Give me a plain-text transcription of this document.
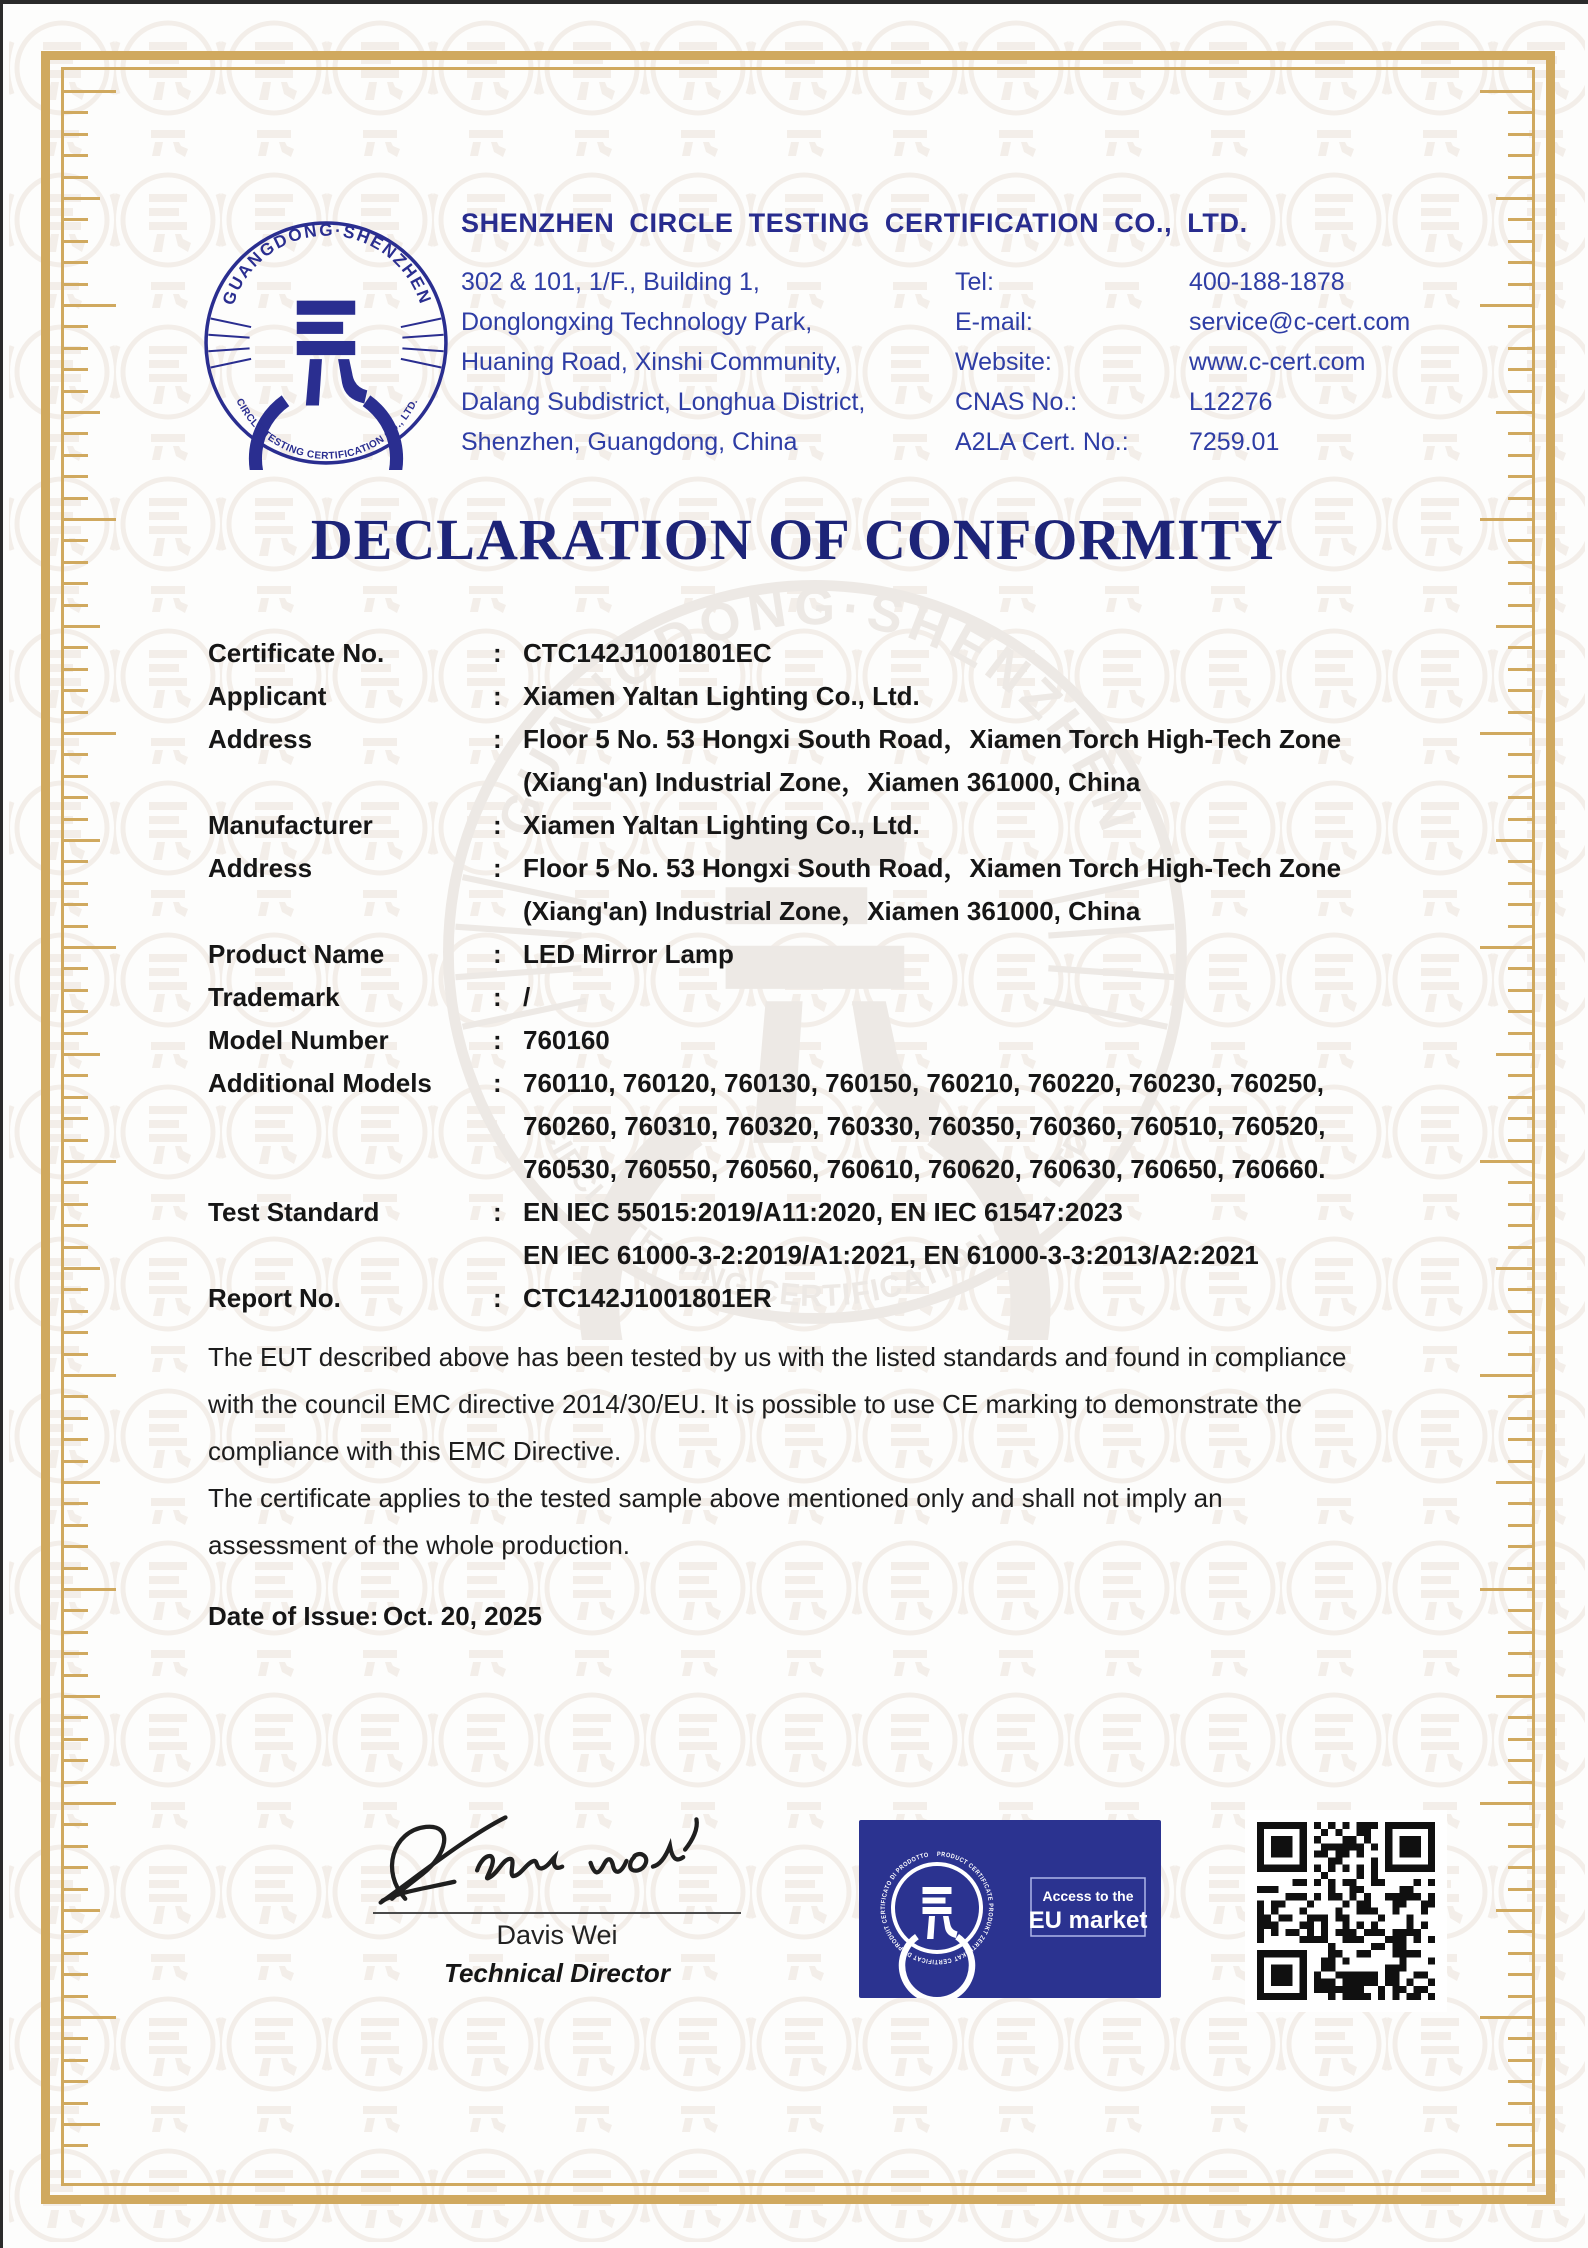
GUANGDONG·SHENZHEN
CIRCLE TESTING CERTIFICATION CO., LTD.
SHENZHEN CIRCLE TESTING CERTIFICATION CO., LTD.
302 & 101, 1/F., Building 1,
Donglongxing Technology Park,
Huaning Road, Xinshi Community,
Dalang Subdistrict, Longhua District,
Shenzhen, Guangdong, China
Tel:	400-188-1878
E-mail:	service@c-cert.com
Website:	www.c-cert.com
CNAS No.:	L12276
A2LA Cert. No.: 7259.01
DECLARATION OF CONFORMITY
Certificate No.	: CTC142J1001801EC
Applicant	: Xiamen Yaltan Lighting Co., Ltd.
Address	: Floor 5 No. 53 Hongxi South Road，Xiamen Torch High-Tech Zone
(Xiang'an) Industrial Zone，Xiamen 361000, China
Manufacturer	: Xiamen Yaltan Lighting Co., Ltd.
Address	: Floor 5 No. 53 Hongxi South Road，Xiamen Torch High-Tech Zone
(Xiang'an) Industrial Zone，Xiamen 361000, China
Product Name	: LED Mirror Lamp
Trademark	: /
Model Number	: 760160
Additional Models	: 760110, 760120, 760130, 760150, 760210, 760220, 760230, 760250,
760260, 760310, 760320, 760330, 760350, 760360, 760510, 760520,
760530, 760550, 760560, 760610, 760620, 760630, 760650, 760660.
Test Standard	: EN IEC 55015:2019/A11:2020, EN IEC 61547:2023
EN IEC 61000-3-2:2019/A1:2021, EN 61000-3-3:2013/A2:2021
Report No.	: CTC142J1001801ER
The EUT described above has been tested by us with the listed standards and found in compliance
with the council EMC directive 2014/30/EU. It is possible to use CE marking to demonstrate the
compliance with this EMC Directive.
The certificate applies to the tested sample above mentioned only and shall not imply an
assessment of the whole production.
Date of Issue: Oct. 20, 2025
Davis Wei
Technical Director
PRODUCT CERTIFICATE PRODUKT ZERTIFIKAT CERTIFICAT DE PRODUIT CERTIFICATO DI PRODOTTO
Access to the
EU market
